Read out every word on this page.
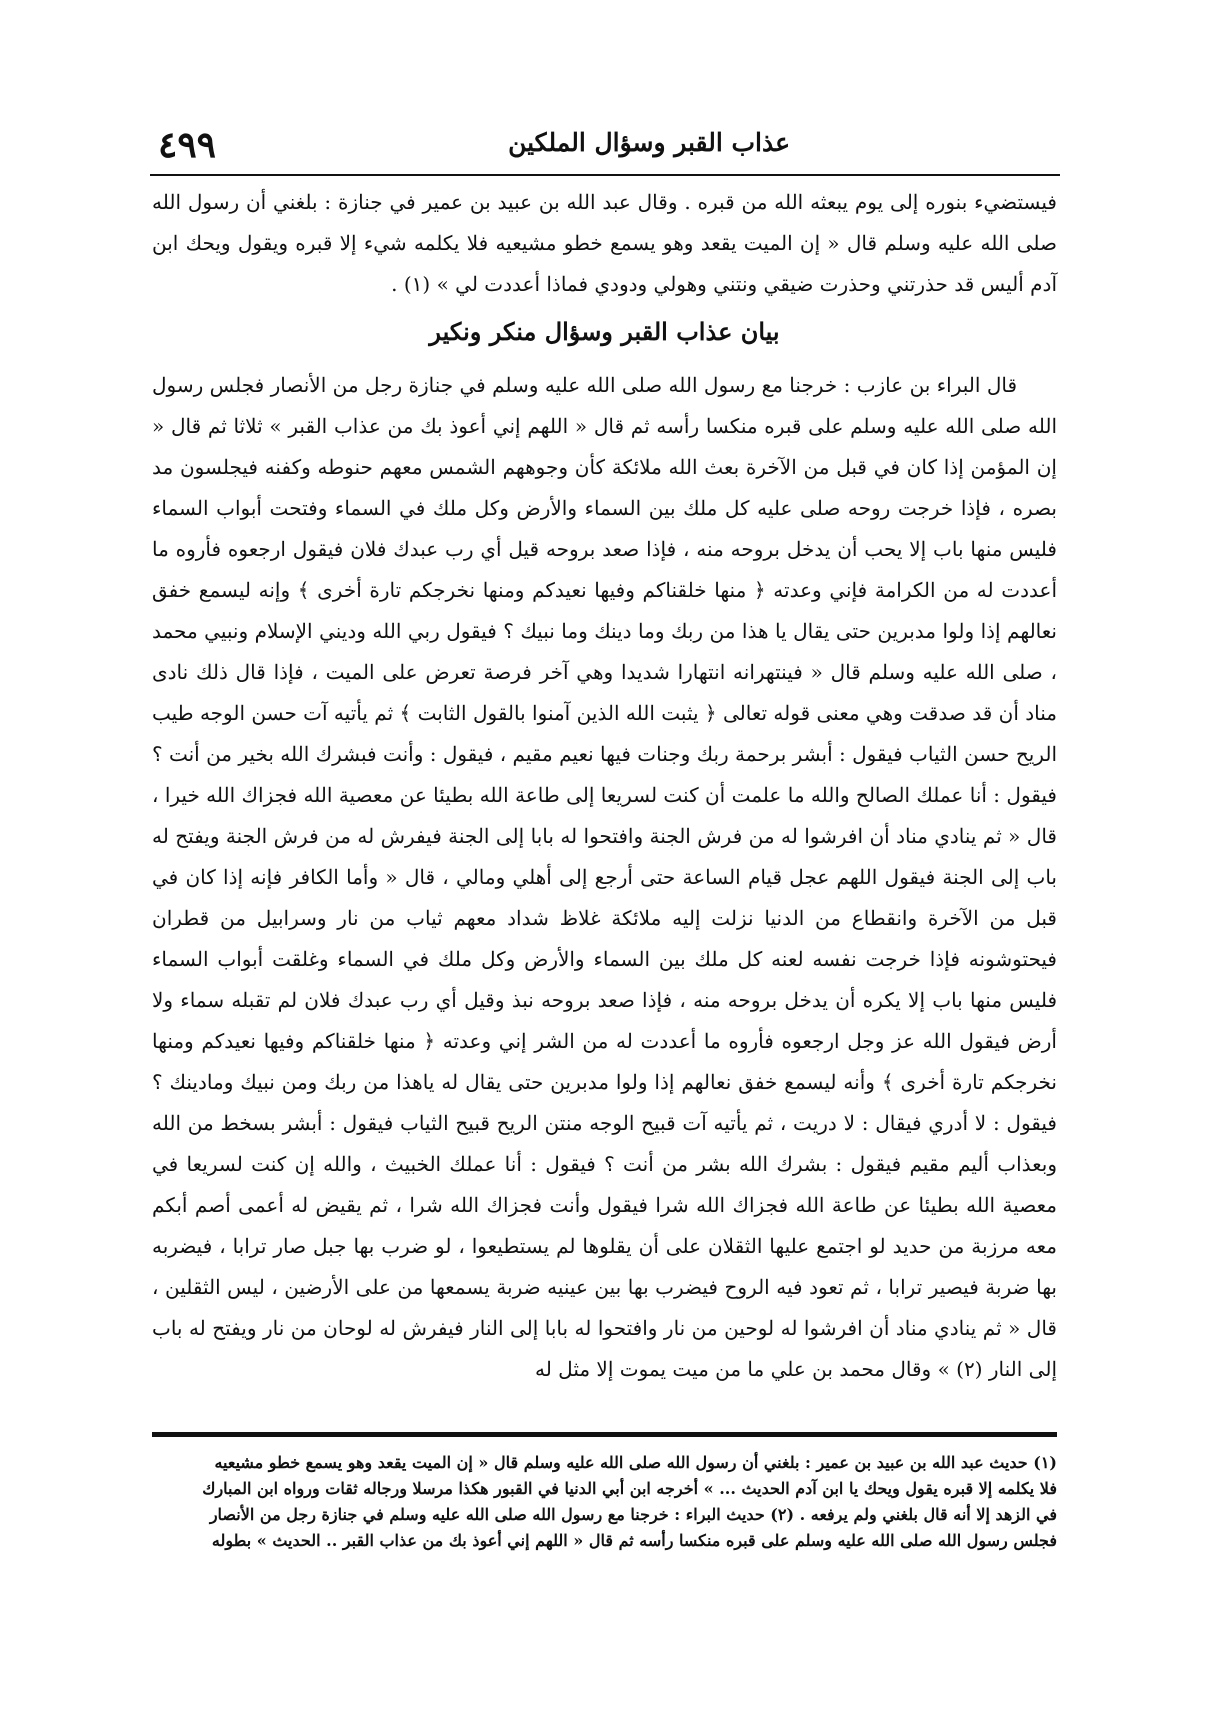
٤٩٩	عذاب القبر وسؤال الملكين

فيستضيء بنوره إلى يوم يبعثه الله من قبره . وقال عبد الله بن عبيد بن عمير في جنازة : بلغني أن رسول الله صلى الله عليه وسلم قال « إن الميت يقعد وهو يسمع خطو مشيعيه فلا يكلمه شيء إلا قبره ويقول ويحك ابن آدم أليس قد حذرتني وحذرت ضيقي ونتني وهولي ودودي فماذا أعددت لي » (١) .

بيان عذاب القبر وسؤال منكر ونكير

قال البراء بن عازب : خرجنا مع رسول الله صلى الله عليه وسلم في جنازة رجل من الأنصار فجلس رسول الله صلى الله عليه وسلم على قبره منكسا رأسه ثم قال « اللهم إني أعوذ بك من عذاب القبر » ثلاثا ثم قال « إن المؤمن إذا كان في قبل من الآخرة بعث الله ملائكة كأن وجوههم الشمس معهم حنوطه وكفنه فيجلسون مد بصره ، فإذا خرجت روحه صلى عليه كل ملك بين السماء والأرض وكل ملك في السماء وفتحت أبواب السماء فليس منها باب إلا يحب أن يدخل بروحه منه ، فإذا صعد بروحه قيل أي رب عبدك فلان فيقول ارجعوه فأروه ما أعددت له من الكرامة فإني وعدته ﴿ منها خلقناكم وفيها نعيدكم ومنها نخرجكم تارة أخرى ﴾ وإنه ليسمع خفق نعالهم إذا ولوا مدبرين حتى يقال يا هذا من ربك وما دينك وما نبيك ؟ فيقول ربي الله وديني الإسلام ونبيي محمد ، صلى الله عليه وسلم قال « فينتهرانه انتهارا شديدا وهي آخر فرصة تعرض على الميت ، فإذا قال ذلك نادى مناد أن قد صدقت وهي معنى قوله تعالى ﴿ يثبت الله الذين آمنوا بالقول الثابت ﴾ ثم يأتيه آت حسن الوجه طيب الريح حسن الثياب فيقول : أبشر برحمة ربك وجنات فيها نعيم مقيم ، فيقول : وأنت فبشرك الله بخير من أنت ؟ فيقول : أنا عملك الصالح والله ما علمت أن كنت لسريعا إلى طاعة الله بطيئا عن معصية الله فجزاك الله خيرا ، قال « ثم ينادي مناد أن افرشوا له من فرش الجنة وافتحوا له بابا إلى الجنة فيفرش له من فرش الجنة ويفتح له باب إلى الجنة فيقول اللهم عجل قيام الساعة حتى أرجع إلى أهلي ومالي ، قال « وأما الكافر فإنه إذا كان في قبل من الآخرة وانقطاع من الدنيا نزلت إليه ملائكة غلاظ شداد معهم ثياب من نار وسرابيل من قطران فيحتوشونه فإذا خرجت نفسه لعنه كل ملك بين السماء والأرض وكل ملك في السماء وغلقت أبواب السماء فليس منها باب إلا يكره أن يدخل بروحه منه ، فإذا صعد بروحه نبذ وقيل أي رب عبدك فلان لم تقبله سماء ولا أرض فيقول الله عز وجل ارجعوه فأروه ما أعددت له من الشر إني وعدته ﴿ منها خلقناكم وفيها نعيدكم ومنها نخرجكم تارة أخرى ﴾ وأنه ليسمع خفق نعالهم إذا ولوا مدبرين حتى يقال له ياهذا من ربك ومن نبيك ومادينك ؟ فيقول : لا أدري فيقال : لا دريت ، ثم يأتيه آت قبيح الوجه منتن الريح قبيح الثياب فيقول : أبشر بسخط من الله وبعذاب أليم مقيم فيقول : بشرك الله بشر من أنت ؟ فيقول : أنا عملك الخبيث ، والله إن كنت لسريعا في معصية الله بطيئا عن طاعة الله فجزاك الله شرا فيقول وأنت فجزاك الله شرا ، ثم يقيض له أعمى أصم أبكم معه مرزبة من حديد لو اجتمع عليها الثقلان على أن يقلوها لم يستطيعوا ، لو ضرب بها جبل صار ترابا ، فيضربه بها ضربة فيصير ترابا ، ثم تعود فيه الروح فيضرب بها بين عينيه ضربة يسمعها من على الأرضين ، ليس الثقلين ، قال « ثم ينادي مناد أن افرشوا له لوحين من نار وافتحوا له بابا إلى النار فيفرش له لوحان من نار ويفتح له باب إلى النار (٢) » وقال محمد بن علي ما من ميت يموت إلا مثل له

(١) حديث عبد الله بن عبيد بن عمير : بلغني أن رسول الله صلى الله عليه وسلم قال « إن الميت يقعد وهو يسمع خطو مشيعيه

فلا يكلمه إلا قبره يقول ويحك يا ابن آدم الحديث ... » أخرجه ابن أبي الدنيا في القبور هكذا مرسلا ورجاله ثقات ورواه ابن المبارك

في الزهد إلا أنه قال بلغني ولم يرفعه . (٢) حديث البراء : خرجنا مع رسول الله صلى الله عليه وسلم في جنازة رجل من الأنصار

فجلس رسول الله صلى الله عليه وسلم على قبره منكسا رأسه ثم قال « اللهم إني أعوذ بك من عذاب القبر .. الحديث » بطوله
